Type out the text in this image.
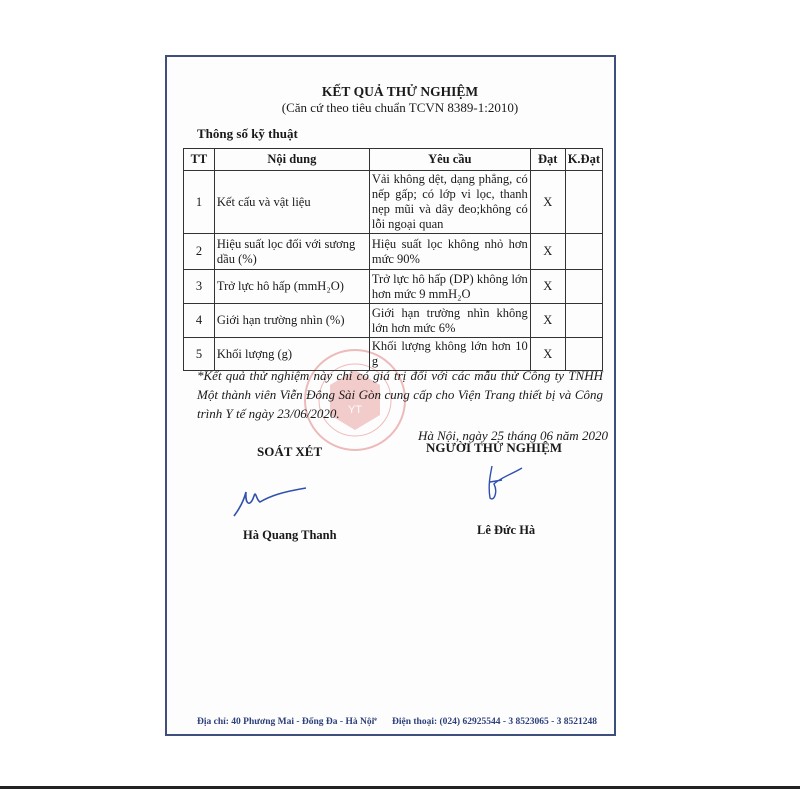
YT
KẾT QUẢ THỬ NGHIỆM
(Căn cứ theo tiêu chuẩn TCVN 8389-1:2010)
Thông số kỹ thuật
TT	Nội dung	Yêu cầu	Đạt	K.Đạt
1	Kết cấu và vật liệu	Vải không dệt, dạng phẳng, có nếp gấp; có lớp vi lọc, thanh nẹp mũi và dây đeo;không có lỗi ngoại quan	X	
2	Hiệu suất lọc đối với sương dầu (%)	Hiệu suất lọc không nhỏ hơn mức 90%	X	
3	Trở lực hô hấp (mmH₂O)	Trở lực hô hấp (DP) không lớn hơn mức 9 mmH₂O	X	
4	Giới hạn trường nhìn (%)	Giới hạn trường nhìn không lớn hơn mức 6%	X	
5	Khối lượng (g)	Khối lượng không lớn hơn 10 g	X	
*Kết quả thử nghiệm này chỉ có giá trị đối với các mẫu thử Công ty TNHH Một thành viên Viễn Đông Sài Gòn cung cấp cho Viện Trang thiết bị và Công trình Y tế ngày 23/06/2020.
Hà Nội, ngày 25 tháng 06 năm 2020
SOÁT XÉT	NGƯỜI THỬ NGHIỆM
Hà Quang Thanh	Lê Đức Hà
Địa chỉ: 40 Phương Mai - Đống Đa - Hà Nội
* Điện thoại: (024) 62925544 - 3 8523065 - 3 8521248
